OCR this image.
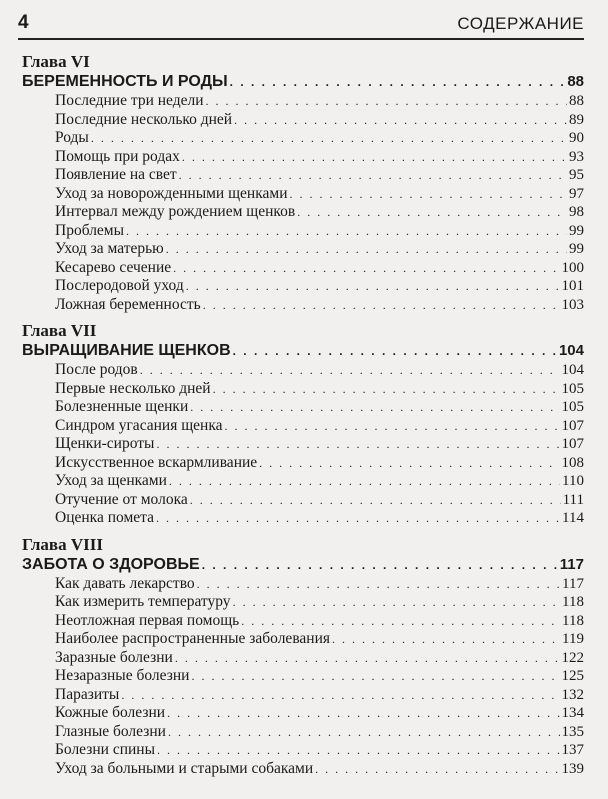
4	СОДЕРЖАНИЕ
Глава VI
БЕРЕМЕННОСТЬ И РОДЫ . . .	88
Последние три недели . . .	88
Последние несколько дней . . .	89
Роды . . .	90
Помощь при родах . . .	93
Появление на свет . . .	95
Уход за новорожденными щенками . . .	97
Интервал между рождением щенков . . .	98
Проблемы . . .	99
Уход за матерью . . .	99
Кесарево сечение . . .	100
Послеродовой уход . . .	101
Ложная беременность . . .	103
Глава VII
ВЫРАЩИВАНИЕ ЩЕНКОВ . . .	104
После родов . . .	104
Первые несколько дней . . .	105
Болезненные щенки . . .	105
Синдром угасания щенка . . .	107
Щенки-сироты . . .	107
Искусственное вскармливание . . .	108
Уход за щенками . . .	110
Отучение от молока . . .	111
Оценка помета . . .	114
Глава VIII
ЗАБОТА О ЗДОРОВЬЕ . . .	117
Как давать лекарство . . .	117
Как измерить температуру . . .	118
Неотложная первая помощь . . .	118
Наиболее распространенные заболевания . . .	119
Заразные болезни . . .	122
Незаразные болезни . . .	125
Паразиты . . .	132
Кожные болезни . . .	134
Глазные болезни . . .	135
Болезни спины . . .	137
Уход за больными и старыми собаками . . .	139
